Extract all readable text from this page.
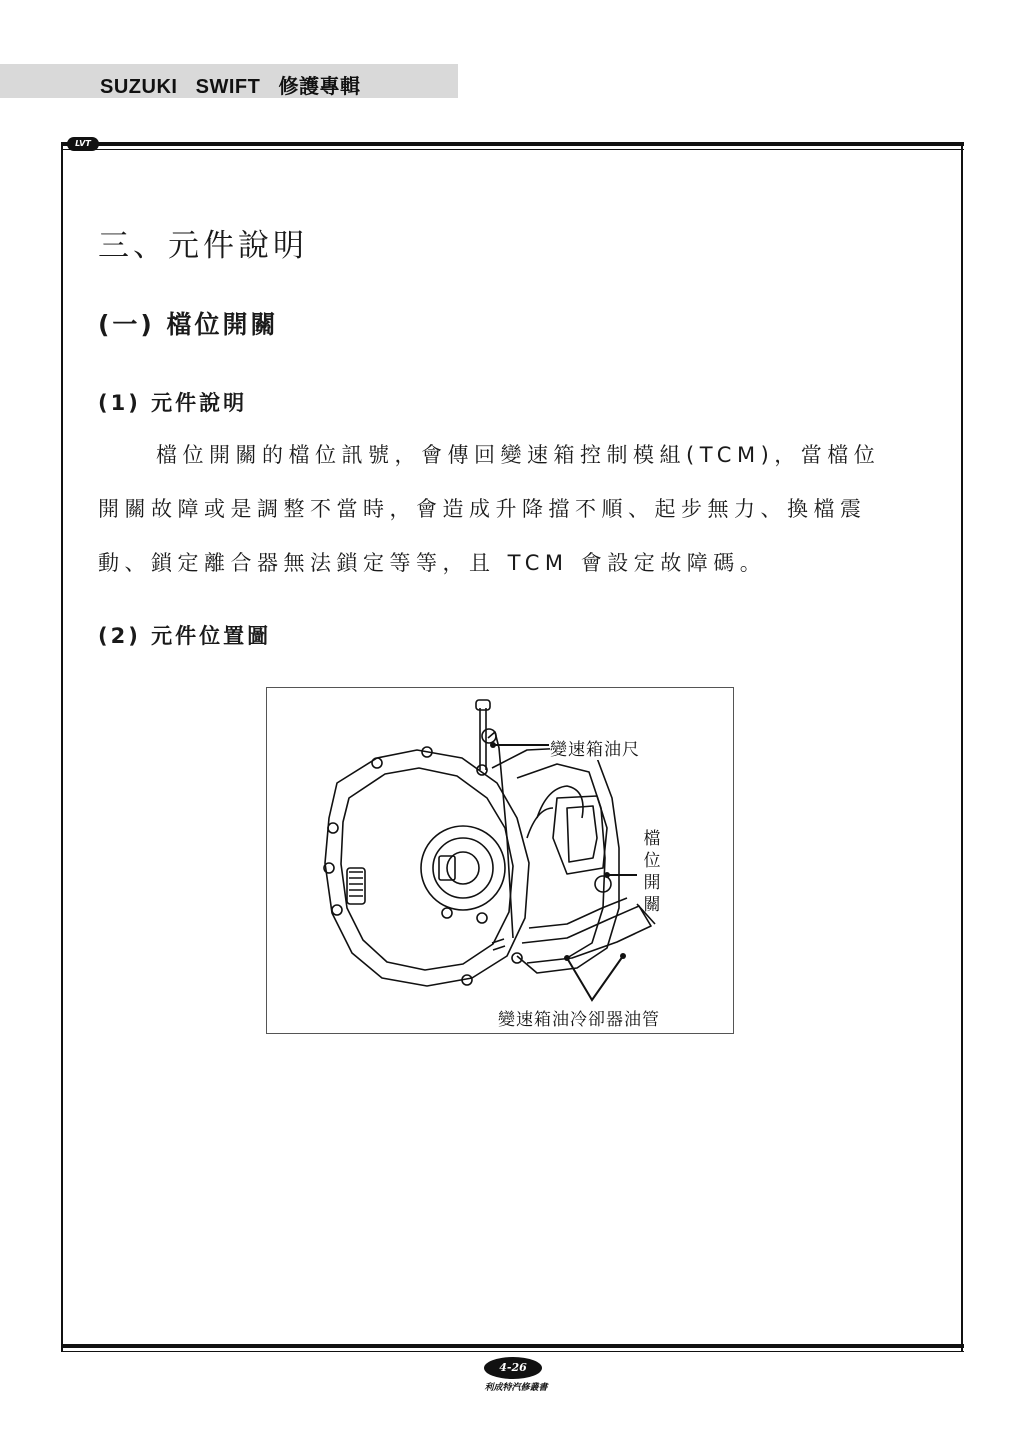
SUZUKI   SWIFT   修護專輯
LVT
三、元件說明
(一) 檔位開關
(1) 元件說明

檔位開關的檔位訊號，會傳回變速箱控制模組(TCM)，當檔位開關故障或是調整不當時，會造成升降擋不順、起步無力、換檔震動、鎖定離合器無法鎖定等等，且 TCM 會設定故障碼。

(2) 元件位置圖
變速箱油尺
檔位開關
變速箱油冷卻器油管
4-26
利成特汽修叢書
